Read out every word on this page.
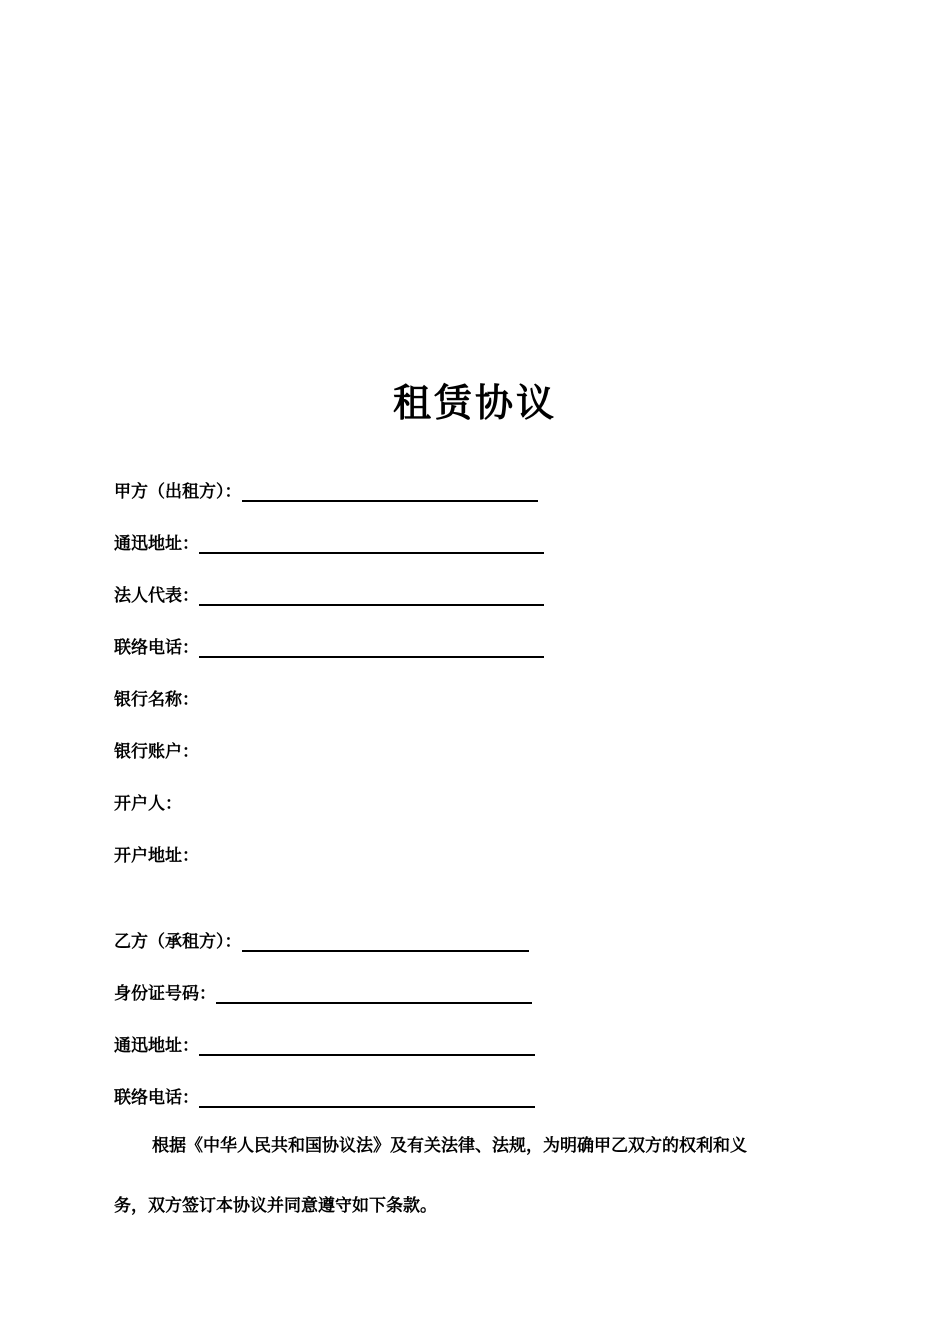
租赁协议
甲方（出租方）：
通迅地址：
法人代表：
联络电话：
银行名称：
银行账户：
开户人：
开户地址：
乙方（承租方）：
身份证号码：
通迅地址：
联络电话：
根据《中华人民共和国协议法》及有关法律、法规，为明确甲乙双方的权利和义
务，双方签订本协议并同意遵守如下条款。
